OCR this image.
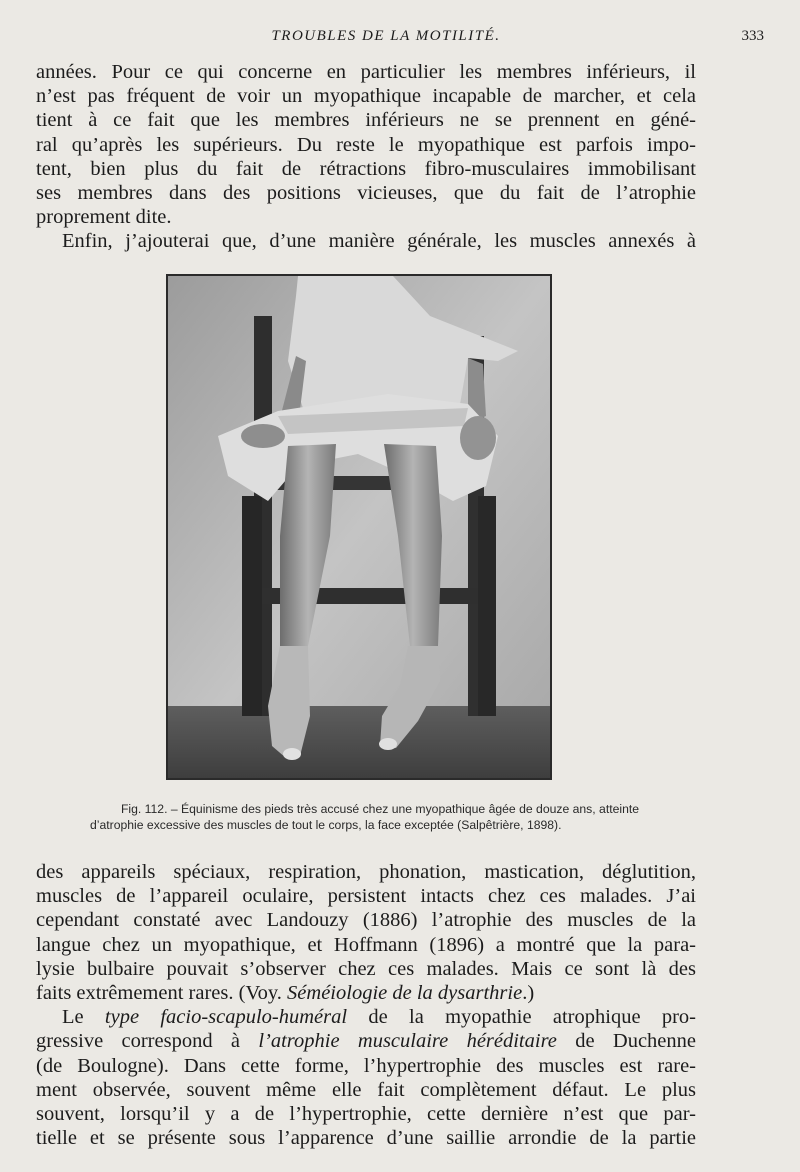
TROUBLES DE LA MOTILITÉ.	333
années. Pour ce qui concerne en particulier les membres inférieurs, il
n’est pas fréquent de voir un myopathique incapable de marcher, et cela
tient à ce fait que les membres inférieurs ne se prennent en géné-
ral qu’après les supérieurs. Du reste le myopathique est parfois impo-
tent, bien plus du fait de rétractions fibro-musculaires immobilisant
ses membres dans des positions vicieuses, que du fait de l’atrophie
proprement dite.
Enfin, j’ajouterai que, d’une manière générale, les muscles annexés à
Fig. 112. – Équinisme des pieds très accusé chez une myopathique âgée de douze ans, atteinte
d’atrophie excessive des muscles de tout le corps, la face exceptée (Salpêtrière, 1898).
des appareils spéciaux, respiration, phonation, mastication, déglutition,
muscles de l’appareil oculaire, persistent intacts chez ces malades. J’ai
cependant constaté avec Landouzy (1886) l’atrophie des muscles de la
langue chez un myopathique, et Hoffmann (1896) a montré que la para-
lysie bulbaire pouvait s’observer chez ces malades. Mais ce sont là des
faits extrêmement rares. (Voy. Séméiologie de la dysarthrie.)
Le type facio-scapulo-huméral de la myopathie atrophique pro-
gressive correspond à l’atrophie musculaire héréditaire de Duchenne
(de Boulogne). Dans cette forme, l’hypertrophie des muscles est rare-
ment observée, souvent même elle fait complètement défaut. Le plus
souvent, lorsqu’il y a de l’hypertrophie, cette dernière n’est que par-
tielle et se présente sous l’apparence d’une saillie arrondie de la partie
